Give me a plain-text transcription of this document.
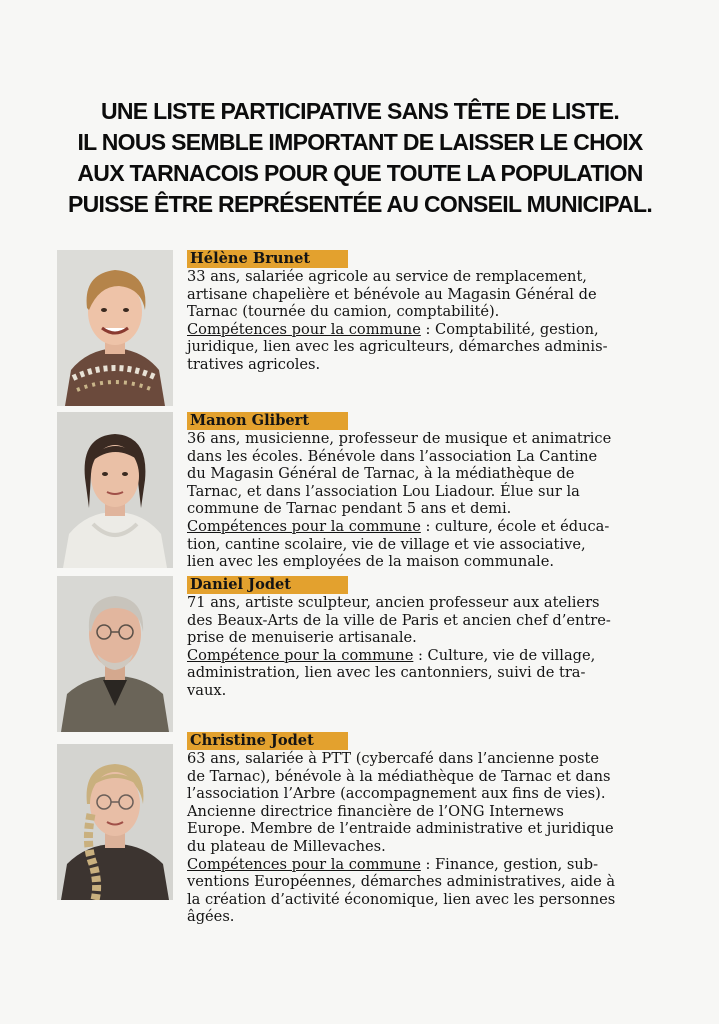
UNE LISTE PARTICIPATIVE SANS TÊTE DE LISTE.
IL NOUS SEMBLE IMPORTANT DE LAISSER LE CHOIX
AUX TARNACOIS POUR QUE TOUTE LA POPULATION
PUISSE ÊTRE REPRÉSENTÉE AU CONSEIL MUNICIPAL.
Hélène Brunet
33 ans, salariée agricole au service de remplacement,
artisane chapelière et bénévole au Magasin Général de
Tarnac (tournée du camion, comptabilité).
Compétences pour la commune : Comptabilité, gestion,
juridique, lien avec les agriculteurs, démarches adminis-
tratives agricoles.
Manon Glibert
36 ans, musicienne, professeur de musique et animatrice
dans les écoles. Bénévole dans l’association La Cantine
du Magasin Général de Tarnac, à la médiathèque de
Tarnac, et dans l’association Lou Liadour. Élue sur la
commune de Tarnac pendant 5 ans et demi.
Compétences pour la commune : culture, école et éduca-
tion, cantine scolaire, vie de village et vie associative,
lien avec les employées de la maison communale.
Daniel Jodet
71 ans, artiste sculpteur, ancien professeur aux ateliers
des Beaux-Arts de la ville de Paris et ancien chef d’entre-
prise de menuiserie artisanale.
Compétence pour la commune : Culture, vie de village,
administration, lien avec les cantonniers, suivi de tra-
vaux.
Christine Jodet
63 ans, salariée à PTT (cybercafé dans l’ancienne poste
de Tarnac), bénévole à la médiathèque de Tarnac et dans
l’association l’Arbre (accompagnement aux fins de vies).
Ancienne directrice financière de l’ONG Internews
Europe. Membre de l’entraide administrative et juridique
du plateau de Millevaches.
Compétences pour la commune : Finance, gestion, sub-
ventions Européennes, démarches administratives, aide à
la création d’activité économique, lien avec les personnes
âgées.
